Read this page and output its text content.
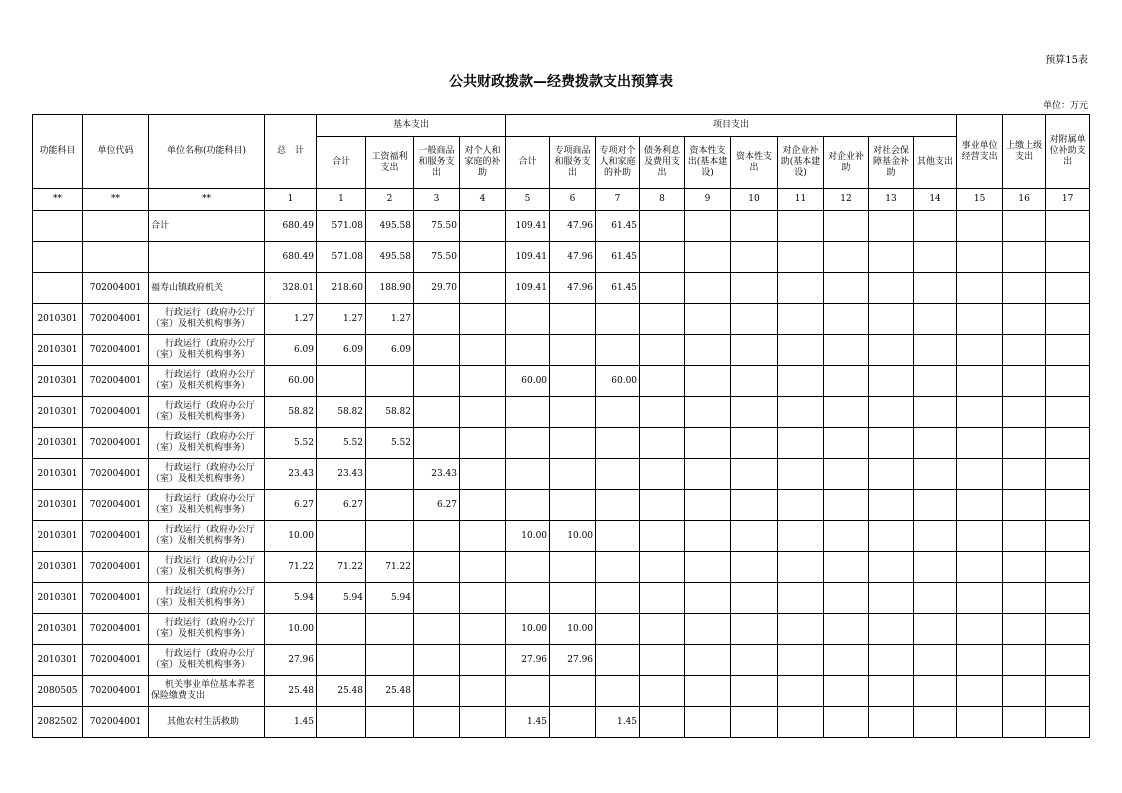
预算15表
公共财政拨款—经费拨款支出预算表
单位：万元
功能科目	单位代码	单位名称(功能科目)	总　计	基本支出				项目支出										事业单位经营支出	上缴上级支出	对附属单位补助支出
				合计	工资福利支出	一般商品和服务支出	对个人和家庭的补助	合计	专项商品和服务支出	专项对个人和家庭的补助	债务利息及费用支出	资本性支出(基本建设)	资本性支出	对企业补助(基本建设)	对企业补助	对社会保障基金补助	其他支出			
**	**	**	1	1	2	3	4	5	6	7	8	9	10	11	12	13	14	15	16	17
		合计	680.49	571.08	495.58	75.50		109.41	47.96	61.45										
			680.49	571.08	495.58	75.50		109.41	47.96	61.45										
	702004001	福寿山镇政府机关	328.01	218.60	188.90	29.70		109.41	47.96	61.45										
2010301	702004001	行政运行（政府办公厅（室）及相关机构事务）	1.27	1.27	1.27															
2010301	702004001	行政运行（政府办公厅（室）及相关机构事务）	6.09	6.09	6.09															
2010301	702004001	行政运行（政府办公厅（室）及相关机构事务）	60.00					60.00		60.00										
2010301	702004001	行政运行（政府办公厅（室）及相关机构事务）	58.82	58.82	58.82															
2010301	702004001	行政运行（政府办公厅（室）及相关机构事务）	5.52	5.52	5.52															
2010301	702004001	行政运行（政府办公厅（室）及相关机构事务）	23.43	23.43		23.43														
2010301	702004001	行政运行（政府办公厅（室）及相关机构事务）	6.27	6.27		6.27														
2010301	702004001	行政运行（政府办公厅（室）及相关机构事务）	10.00					10.00	10.00											
2010301	702004001	行政运行（政府办公厅（室）及相关机构事务）	71.22	71.22	71.22															
2010301	702004001	行政运行（政府办公厅（室）及相关机构事务）	5.94	5.94	5.94															
2010301	702004001	行政运行（政府办公厅（室）及相关机构事务）	10.00					10.00	10.00											
2010301	702004001	行政运行（政府办公厅（室）及相关机构事务）	27.96					27.96	27.96											
2080505	702004001	机关事业单位基本养老保险缴费支出	25.48	25.48	25.48															
2082502	702004001	其他农村生活救助	1.45					1.45		1.45										
